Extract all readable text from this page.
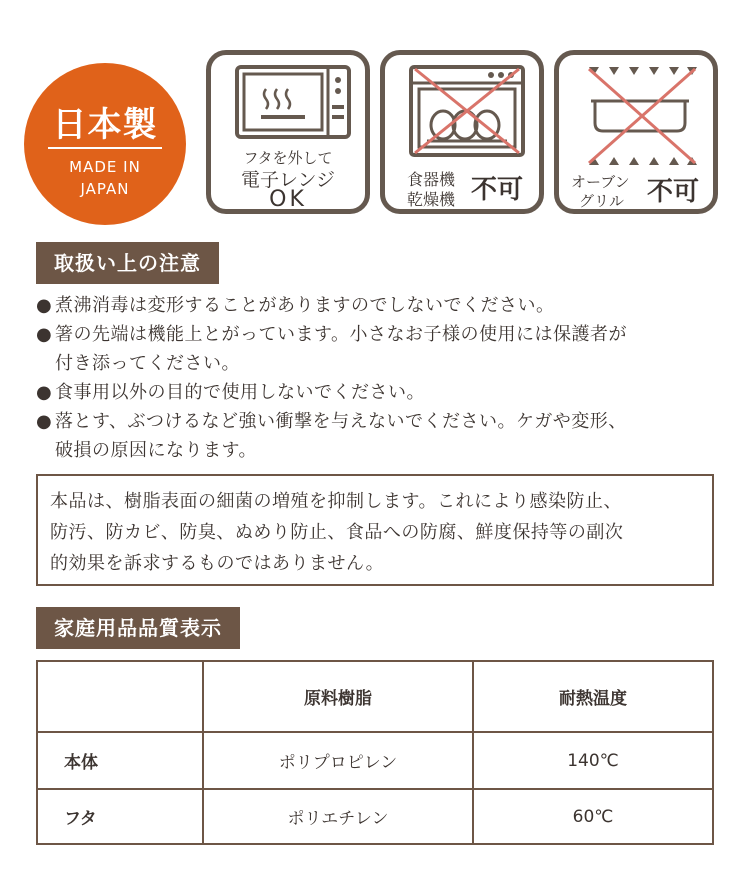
日本製
MADE IN
JAPAN
フタを外して
電子レンジ
OK
食器機
乾燥機 不可	オーブン
グリル 不可
取扱い上の注意
● 煮沸消毒は変形することがありますのでしないでください。
● 箸の先端は機能上とがっています。小さなお子様の使用には保護者が
付き添ってください。
● 食事用以外の目的で使用しないでください。
● 落とす、ぶつけるなど強い衝撃を与えないでください。ケガや変形、
破損の原因になります。
本品は、樹脂表面の細菌の増殖を抑制します。これにより感染防止、
防汚、防カビ、防臭、ぬめり防止、食品への防腐、鮮度保持等の副次
的効果を訴求するものではありません。
家庭用品品質表示
	原料樹脂	耐熱温度
本体	ポリプロピレン	140℃
フタ	ポリエチレン	60℃
